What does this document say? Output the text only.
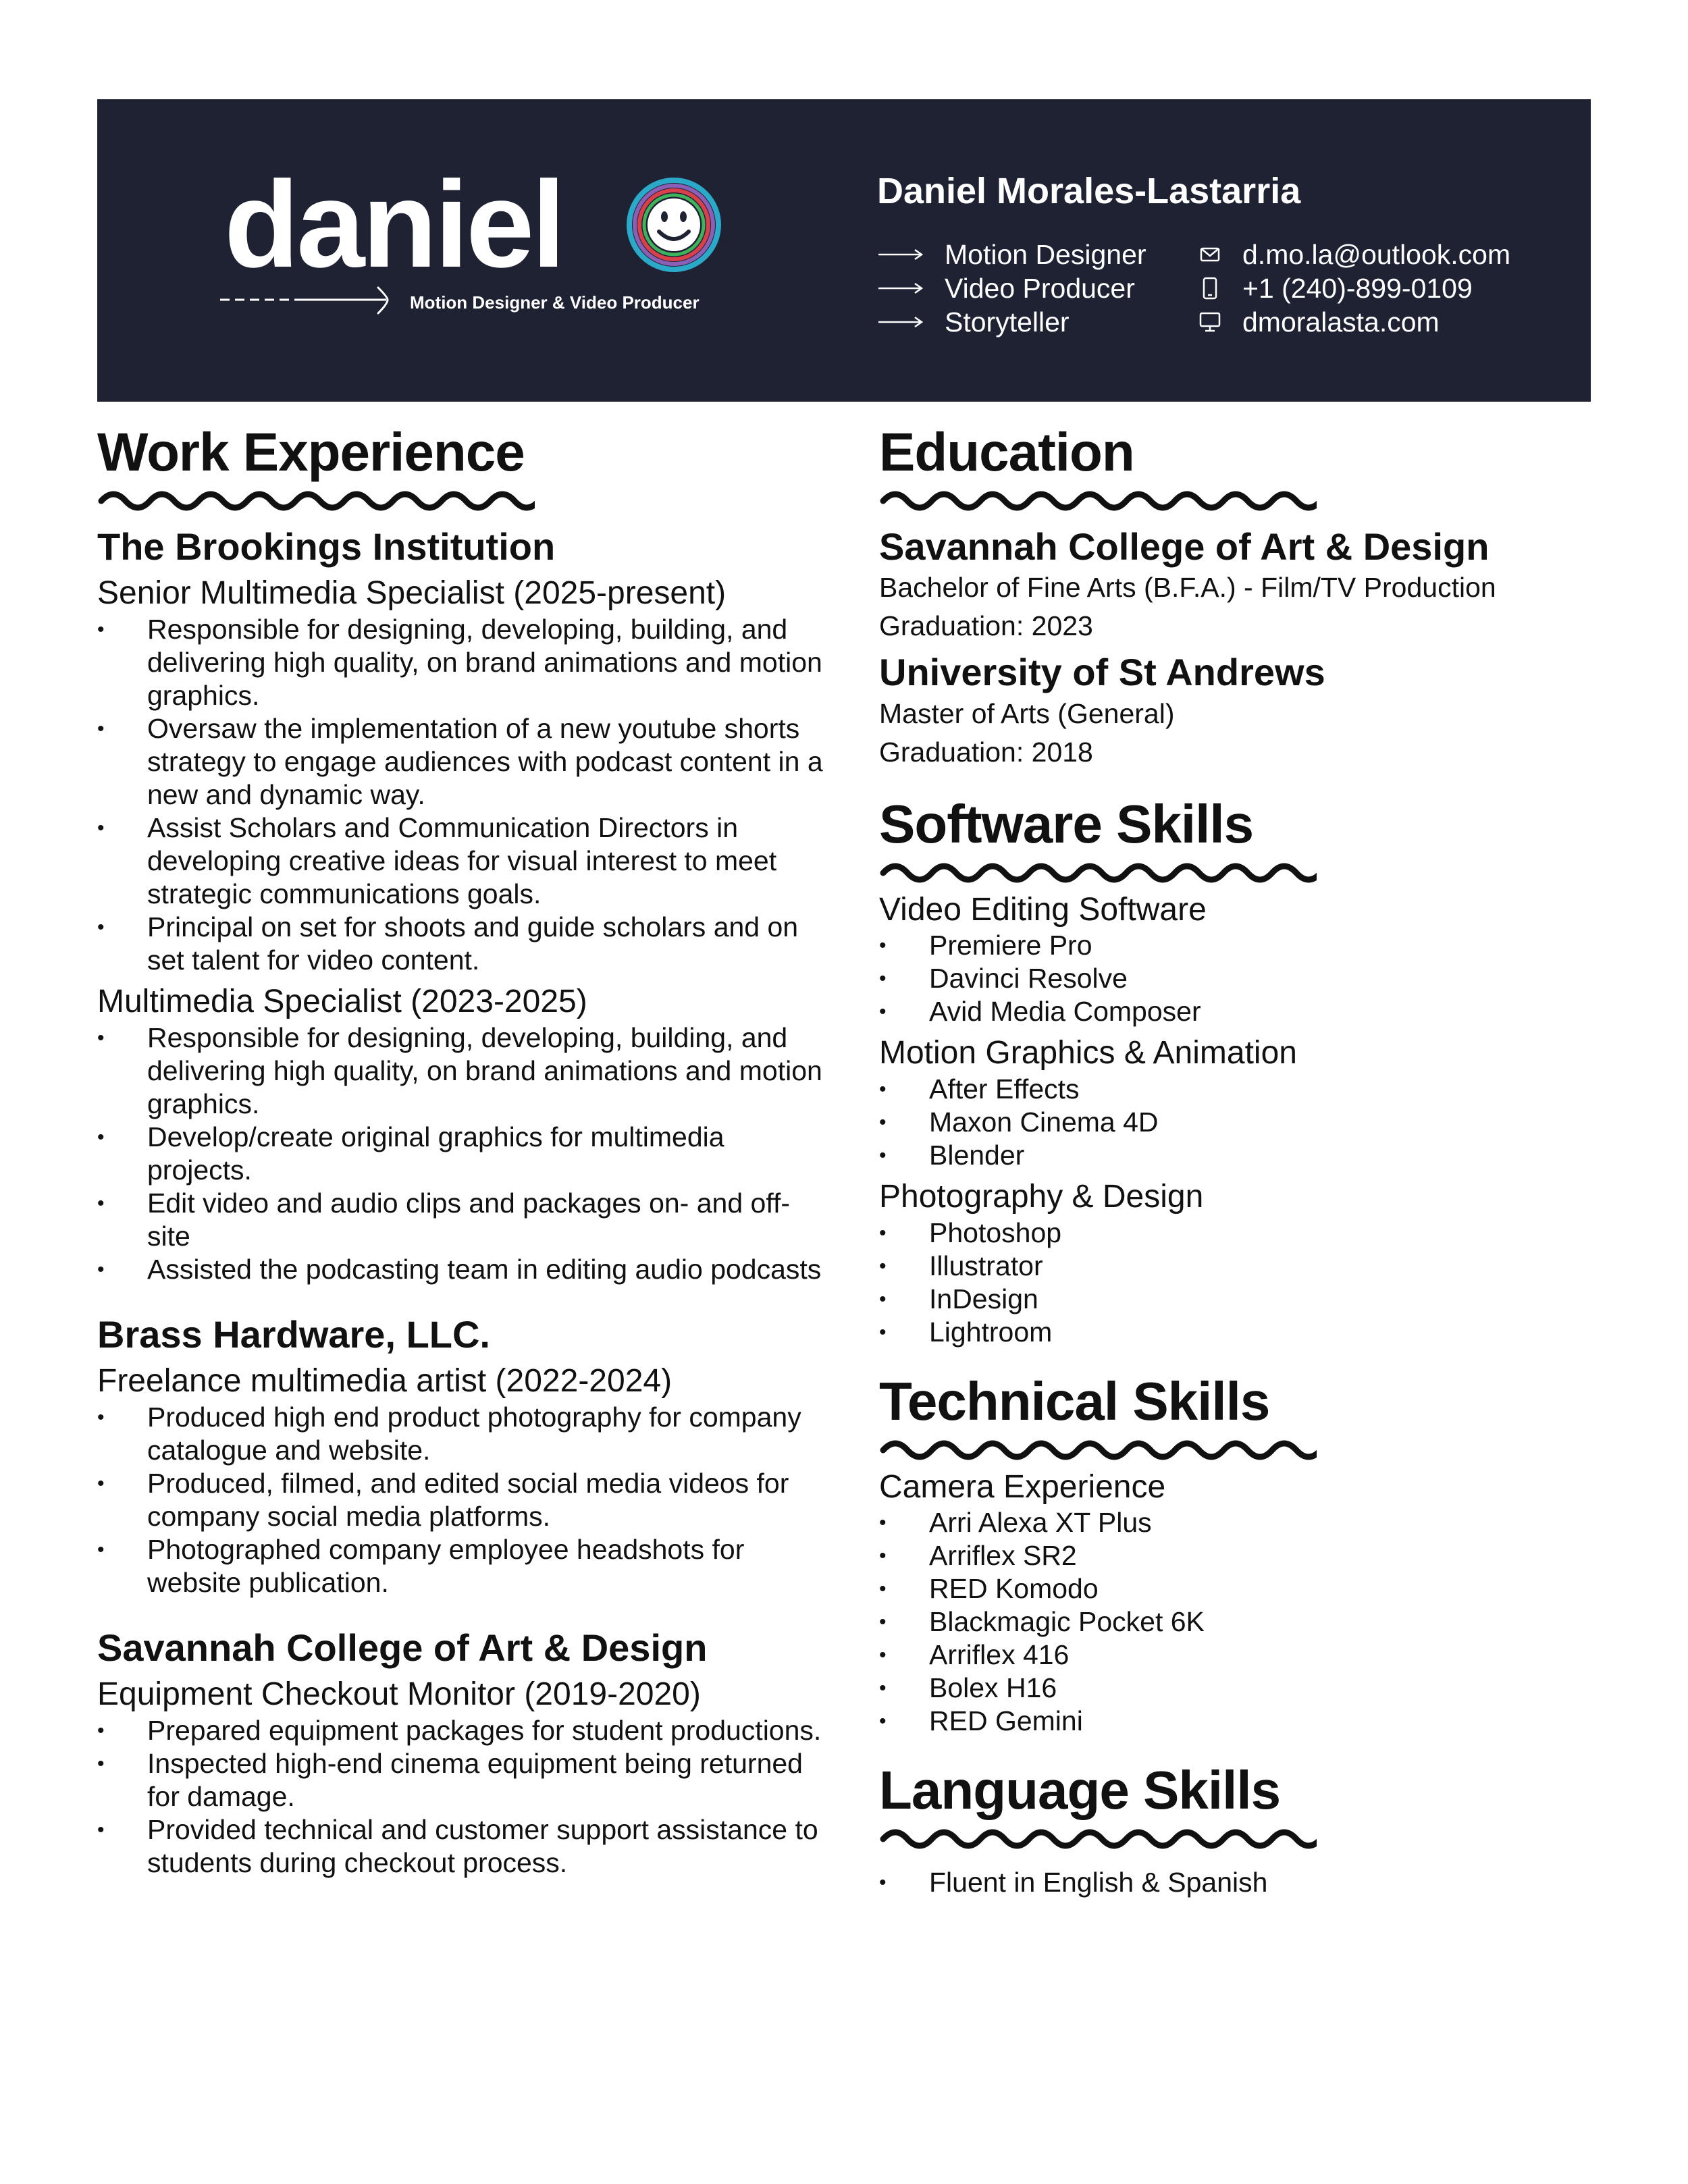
daniel
Motion Designer & Video Producer
Daniel Morales-Lastarria
Motion Designer
Video Producer
Storyteller
d.mo.la@outlook.com
+1 (240)-899-0109
dmoralasta.com
Work Experience
The Brookings Institution
Senior Multimedia Specialist (2025-present)
• Responsible for designing, developing, building, and delivering high quality, on brand animations and motion graphics.
• Oversaw the implementation of a new youtube shorts strategy to engage audiences with podcast content in a new and dynamic way.
• Assist Scholars and Communication Directors in developing creative ideas for visual interest to meet strategic communications goals.
• Principal on set for shoots and guide scholars and on set talent for video content.
Multimedia Specialist (2023-2025)
• Responsible for designing, developing, building, and delivering high quality, on brand animations and motion graphics.
• Develop/create original graphics for multimedia projects.
• Edit video and audio clips and packages on- and off-site
• Assisted the podcasting team in editing audio podcasts
Brass Hardware, LLC.
Freelance multimedia artist (2022-2024)
• Produced high end product photography for company catalogue and website.
• Produced, filmed, and edited social media videos for company social media platforms.
• Photographed company employee headshots for website publication.
Savannah College of Art & Design
Equipment Checkout Monitor (2019-2020)
• Prepared equipment packages for student productions.
• Inspected high-end cinema equipment being returned for damage.
• Provided technical and customer support assistance to students during checkout process.
Education
Savannah College of Art & Design
Bachelor of Fine Arts (B.F.A.) - Film/TV Production
Graduation: 2023
University of St Andrews
Master of Arts (General)
Graduation: 2018
Software Skills
Video Editing Software
• Premiere Pro
• Davinci Resolve
• Avid Media Composer
Motion Graphics & Animation
• After Effects
• Maxon Cinema 4D
• Blender
Photography & Design
• Photoshop
• Illustrator
• InDesign
• Lightroom
Technical Skills
Camera Experience
• Arri Alexa XT Plus
• Arriflex SR2
• RED Komodo
• Blackmagic Pocket 6K
• Arriflex 416
• Bolex H16
• RED Gemini
Language Skills
• Fluent in English & Spanish
